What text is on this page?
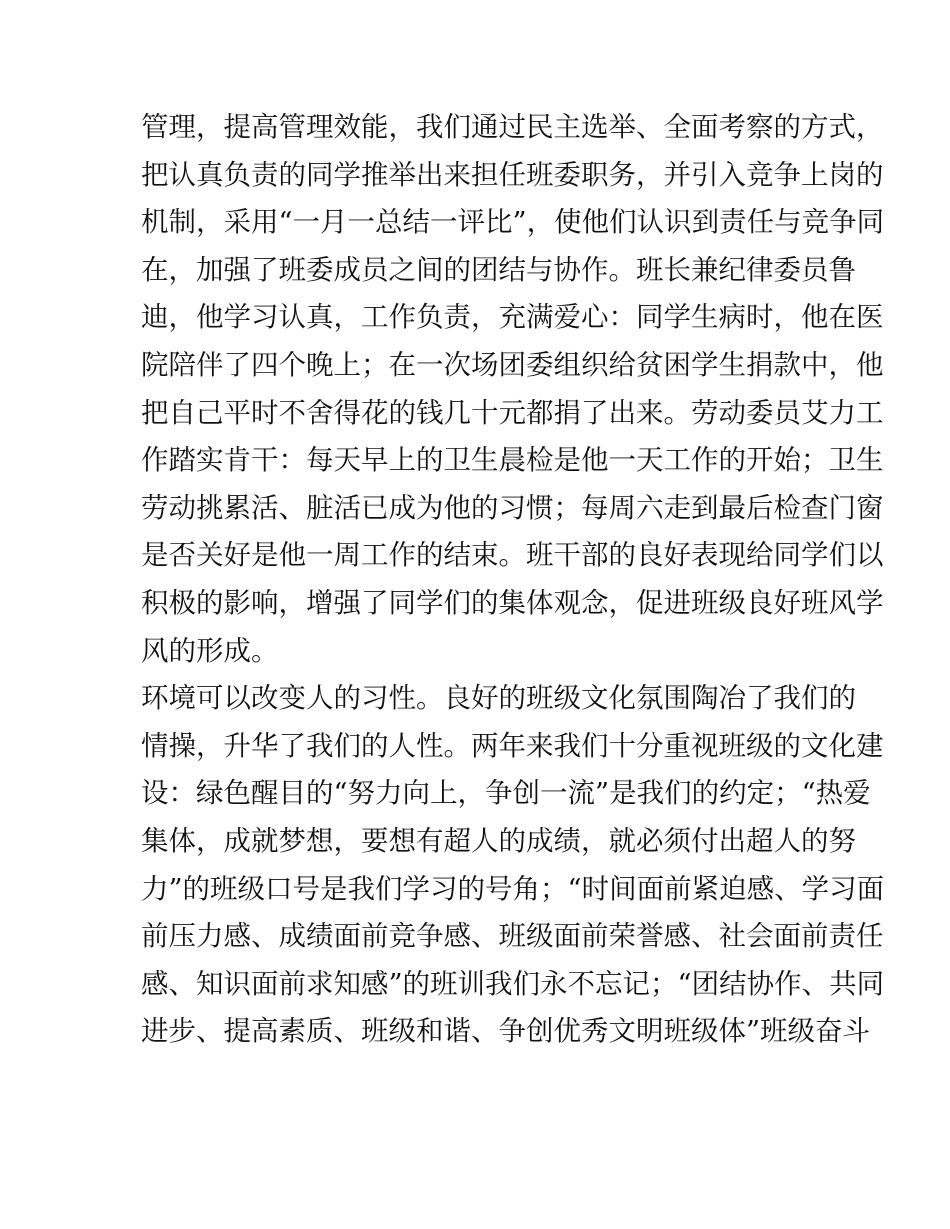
管理，提高管理效能，我们通过民主选举、全面考察的方式，
把认真负责的同学推举出来担任班委职务，并引入竞争上岗的
机制，采用“一月一总结一评比”，使他们认识到责任与竞争同
在，加强了班委成员之间的团结与协作。班长兼纪律委员鲁
迪，他学习认真，工作负责，充满爱心：同学生病时，他在医
院陪伴了四个晚上；在一次场团委组织给贫困学生捐款中，他
把自己平时不舍得花的钱几十元都捐了出来。劳动委员艾力工
作踏实肯干：每天早上的卫生晨检是他一天工作的开始；卫生
劳动挑累活、脏活已成为他的习惯；每周六走到最后检查门窗
是否关好是他一周工作的结束。班干部的良好表现给同学们以
积极的影响，增强了同学们的集体观念，促进班级良好班风学
风的形成。
环境可以改变人的习性。良好的班级文化氛围陶冶了我们的
情操，升华了我们的人性。两年来我们十分重视班级的文化建
设：绿色醒目的“努力向上，争创一流”是我们的约定；“热爱
集体，成就梦想，要想有超人的成绩，就必须付出超人的努
力”的班级口号是我们学习的号角；“时间面前紧迫感、学习面
前压力感、成绩面前竞争感、班级面前荣誉感、社会面前责任
感、知识面前求知感”的班训我们永不忘记；“团结协作、共同
进步、提高素质、班级和谐、争创优秀文明班级体”班级奋斗
